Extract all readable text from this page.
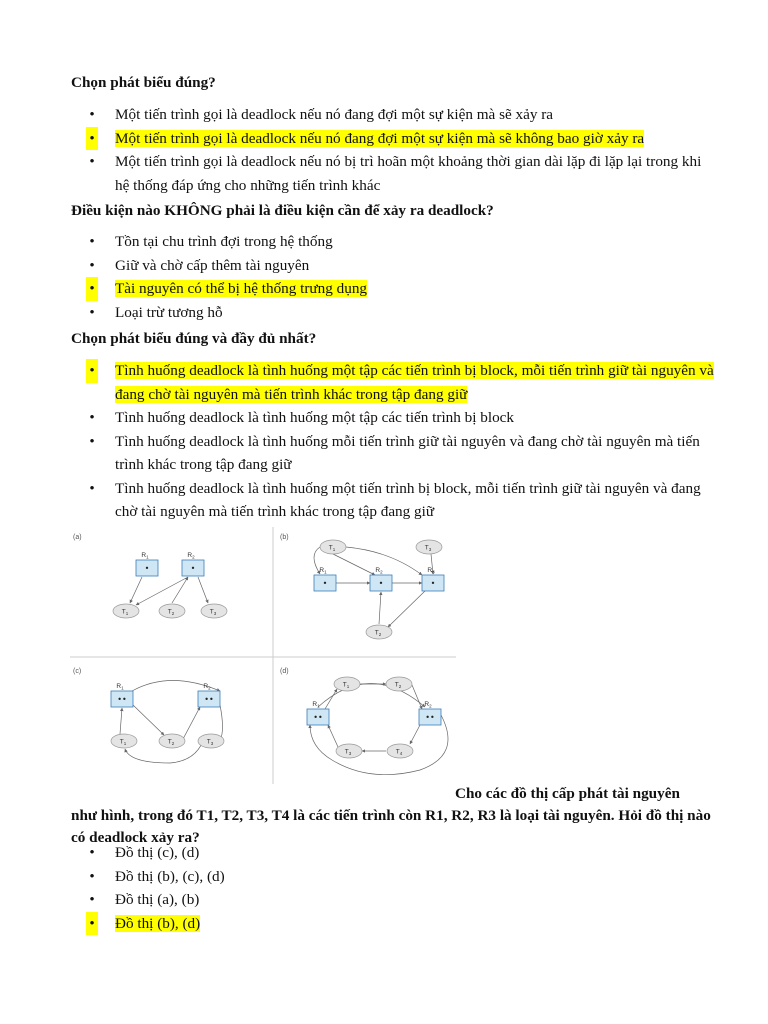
Chọn phát biểu đúng?

• Một tiến trình gọi là deadlock nếu nó đang đợi một sự kiện mà sẽ xảy ra
• Một tiến trình gọi là deadlock nếu nó đang đợi một sự kiện mà sẽ không bao giờ xảy ra
• Một tiến trình gọi là deadlock nếu nó bị trì hoãn một khoảng thời gian dài lặp đi lặp lại trong khi hệ thống đáp ứng cho những tiến trình khác

Điều kiện nào KHÔNG phải là điều kiện cần để xảy ra deadlock?

• Tồn tại chu trình đợi trong hệ thống
• Giữ và chờ cấp thêm tài nguyên
• Tài nguyên có thể bị hệ thống trưng dụng
• Loại trừ tương hỗ

Chọn phát biểu đúng và đầy đủ nhất?

• Tình huống deadlock là tình huống một tập các tiến trình bị block, mỗi tiến trình giữ tài nguyên và đang chờ tài nguyên mà tiến trình khác trong tập đang giữ
• Tình huống deadlock là tình huống một tập các tiến trình bị block
• Tình huống deadlock là tình huống mỗi tiến trình giữ tài nguyên và đang chờ tài nguyên mà tiến trình khác trong tập đang giữ
• Tình huống deadlock là tình huống một tiến trình bị block, mỗi tiến trình giữ tài nguyên và đang chờ tài nguyên mà tiến trình khác trong tập đang giữ
(a)	(b)
(c)	(d)
•
$R_1$
•
$R_2$
$T_1$	$T_2$	$T_3$
•
$R_1$
•
$R_2$
•
$R_3$
$T_1$	$T_3$
$T_2$
••
$R_1$
••
$R_2$
$T_1$	$T_2$	$T_3$
••
$R_1$
••
$R_2$
$T_1$	$T_2$
$T_3$	$T_4$

Cho các đồ thị cấp phát tài nguyên

như hình, trong đó T1, T2, T3, T4 là các tiến trình còn R1, R2, R3 là loại tài nguyên. Hỏi đồ thị nào có deadlock xảy ra?

• Đồ thị (c), (d)
• Đồ thị (b), (c), (d)
• Đồ thị (a), (b)
• Đồ thị (b), (d)
